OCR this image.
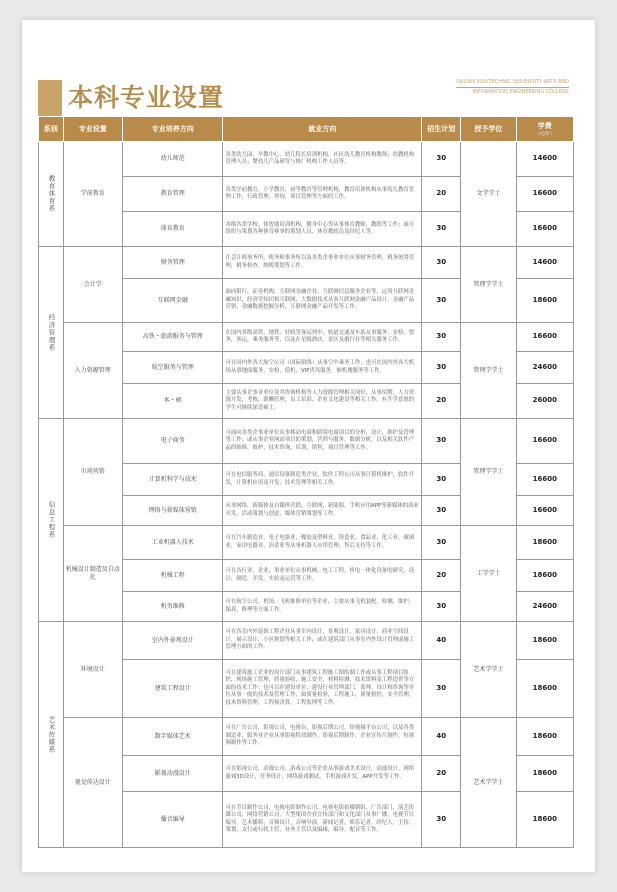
本科专业设置
DALIAN POLYTECHNIC UNIVERSITY ARTS AND
INFORMATION ENGINEERING COLLEGE
系别	专业设置	专业培养方向	就业方向	招生计划	授予学位	学费
（元/年）

教育体育系	学前教育	幼儿师范	各类幼儿园，早教中心，幼儿特长培训机构，社区幼儿教育机构教师；幼教机构管理人员；婴幼儿产品研发与推广机构工作人员等。	30	文学学士	14600
		教育管理	各类学前教育，小学教育，初等教育等管理机构，教育培训机构从事幼儿教育管理工作，行政管理，咨询，项目管理等方面的工作。	20		16600
		体育教育	各级各类学校，体智能培训机构，健身中心等从事体育教师，教练等工作；或可组织与策划各种体育赛事的策划人员，体育教练员及经纪人等。	30		16600
经济管理系	会计学	财务管理	在会计师事务所，税务师事务所以及各类企事业单位从事财务管理，税务统筹管理，税务检查，纳税筹划等工作。	30	管理学学士	14600
		互联网金融	面向银行，证券机构，互联网金融企业，互联网信息服务企业等，运用互联网金融知识，经济学知识和互联网，大数据技术从事互联网金融产品设计，金融产品营销，金融数据挖掘分析，互联网金融产品开发等工作。	30		18600
	人力资源管理	高铁・旅游服务与管理	在国内各级高铁，地铁，轻轨等客运列车，轨道交通及车站从事服务，安检，票务，客运，乘务服务等，以及在星级酒店，景区及旅行社等相关服务工作。	30	管理学学士	16600
		航空服务与管理	可在国内外各大航空公司（国际航线）从事空中乘务工作；也可在国内外各大机场从事地面服务，安检，值机，VIP贵宾服务，候机楼服务等工作。	30		24600
		本・硕	主要从事企事业单位及其咨询机构等人力资源管理相关岗位，从事招聘，人力资源开发，考核，薪酬管理，员工培训，企业文化建设等相关工作。有升学意愿的学生可继续深造硕士。	20		26000
信息工程系	市场营销	电子商务	可面向各类企事业单位从事移动电商和跨境电商项目的分析，设计，维护及管理等工作；或从事企业网站项目的策划，营销与服务，数据分析，以及相关软件产品的维修，维护，技术咨询，培训，销售，项目管理等工作。	30	管理学学士	16600
		计算机科学与技术	可在电信服务商，通信设备制造类企业，软件工程公司从事计算机维护，软件开发，计算机应用及开发，技术管理等相关工作。	30		16600
		网络与新媒体营销	从事网络，新媒体及自媒体营销，互联网，新能源，手机应用APP等新媒体的商业开发，活动策划与创意，媒体营销策划等工作。	30		16600
	机械设计制造及自动化	工业机器人技术	可在汽车制造业，电子电器业，橡胶及塑料业，铸造业，食品业，化工业，玻璃业，家用电器业，冶金业等从事机器人应用管理，售后支持等工作。	30	工学学士	18600
		机械工程	可在各行业，企业，事业单位从事机械，电工工程，机电一体化设备的研究，设计，制造，开发，实验及运营等工作。	20		18600
		机务维修	可在航空公司，机场，飞机维修单位等企业，主要从事飞机装配，检测，维护，保养，修理等方面工作。	30		24600
艺术传媒系	环境设计	室内外景观设计	可在各室内外装饰工程企业从事室内设计，景观设计，家具设计，商业空间设计，展示设计，小区规划等相关工作，或在建筑部门从事室内外设计管理或施工管理方面的工作。	40	艺术学学士	18600
		建筑工程设计	可在建筑施工企业的设计部门从事建筑工程施工图绘制工作或从事工程项目组织，现场施工管理，质量验收，施工安全，材料检测，技术资料及工程造价等方面的技术工作；也可以在建设单位，建设行业管理部门，监理，设计和咨询等单位从事一般的技术及管理工作，如质量检验，工程施工，质量检控，安全管理，技术资料管理，工程预决算，工程监理等工作。	30		18600
	视觉传达设计	数字媒体艺术	可在广告公司，影视公司，电视台，影视后期公司，短视频平台公司，以及各类制造业，服务业企业从事影视特效制作，影视后期制作，企业宣传片制作，短视频制作等工作。	40	艺术学学士	18600
		影视动漫设计	可在影视公司，动漫公司，游戏公司等企业从事游戏美术设计，动漫设计，网络游戏3D设计，任务设计，网络游戏测试，手机游戏开发，APP开发等工作。	20		18600
		播音编导	可在节目制作公司，电视电影制作公司，电视电影拍摄剧组，广告部门，演艺传媒公司，网络营销公司，大型集团企业宣传部门和文化部门从事广播，电视节目编导，艺术播影，音频设计，音响导演，新闻记者，娱乐记者，经纪人，主持，策划，支行或行政主管，业务主管以及编辑，编导，配音等工作。	30		18600
